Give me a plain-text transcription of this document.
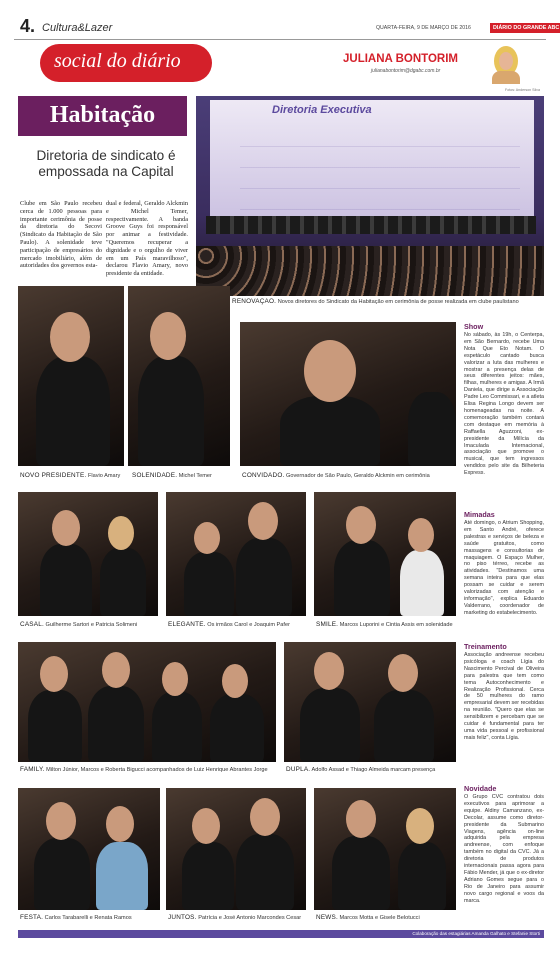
4. Cultura&Lazer	QUARTA-FEIRA, 9 DE MARÇO DE 2016	DIÁRIO DO GRANDE ABC
social do diário	JULIANA BONTORIM
julianabontorim@dgabc.com.br
Fotos: Anderson Silva
Habitação
Diretoria de sindicato é empossada na Capital
Clube em São Paulo recebeu cerca de 1.000 pessoas para importante cerimônia de posse da diretoria do Secovi (Sindicato da Habitação de São Paulo). A solenidade teve participação de empresários do mercado imobiliário, além de autoridades dos governos esta-
dual e federal, Geraldo Alckmin e Michel Temer, respectivamente. A banda Groove Guys foi responsável por animar a festividade. "Queremos recuperar a dignidade e o orgulho de viver em um País maravilhoso", declarou Flavio Amary, novo presidente da entidade.
Diretoria Executiva
RENOVAÇÃO. Novos diretores do Sindicato da Habitação em cerimônia de posse realizada em clube paulistano
NOVO PRESIDENTE. Flavio Amary	SOLENIDADE. Michel Temer	CONVIDADO. Governador de São Paulo, Geraldo Alckmin em cerimônia
CASAL. Guilherme Sartori e Patricia Solimeni	ELEGANTE. Os irmãos Carol e Joaquim Pafer	SMILE. Marcos Luporini e Cintia Assis em solenidade
FAMILY. Milton Júnior, Marcos e Roberta Bigucci acompanhados de Luiz Henrique Abrantes Jorge	DUPLA. Adolfo Assad e Thiago Almeida marcam presença
FESTA. Carlos Tarabarelli e Renata Ramos	JUNTOS. Patrícia e José Antonio Marcondes Cesar	NEWS. Marcos Motta e Gisele Belotucci
Show
No sábado, às 19h, o Centerpa, em São Bernardo, recebe Uma Nota Que Eto Notam. O espetáculo cantado busca valorizar a luta das mulheres e mostrar a presença delas de seus diferentes jeitos: mães, filhas, mulheres e amigas. A Irmã Daniela, que dirige a Associação Padre Leo Commissari, e a atleta Elisa Regina Longo devem ser homenageadas na noite. A comemoração também contará com destaque em memória à Raffaella Aguzzoni, ex-presidente da Milícia da Imaculada Internacional, associação que promove o musical, que tem ingressos vendidos pelo site da Bilheteria Express.
Mimadas
Até domingo, o Atrium Shopping, em Santo André, oferece palestras e serviços de beleza e saúde gratuitos, como massagens e consultorias de maquiagem. O Espaço Mulher, no piso térreo, recebe as atividades. "Destinamos uma semana inteira para que elas possam se cuidar e serem valorizadas com atenção e informação", explica Eduardo Valderrano, coordenador de marketing do estabelecimento.
Treinamento
Associação andreense recebeu psicóloga e coach Lígia do Nascimento Percival de Oliveira para palestra que tem como tema Autoconhecimento e Realização Profissional. Cerca de 50 mulheres do ramo empresarial devem ser recebidas na reunião. "Quero que elas se sensibilizem e percebam que se cuidar é fundamental para ter uma vida pessoal e profissional mais feliz", conta Lígia.
Novidade
O Grupo CVC contratou dois executivos para aprimorar a equipe. Aldiny Camanzano, ex-Decolar, assume como diretor-presidente da Submarino Viagens, agência on-line adquirida pela empresa andreense, com enfoque também no digital da CVC. Já a diretoria de produtos internacionais passa agora para Fábio Mender, já que o ex-diretor Adriano Gomes segue para o Rio de Janeiro para assumir novo cargo regional e voos da marca.
Colaboração das estagiárias Amanda Galhato e Stefanie Storti
